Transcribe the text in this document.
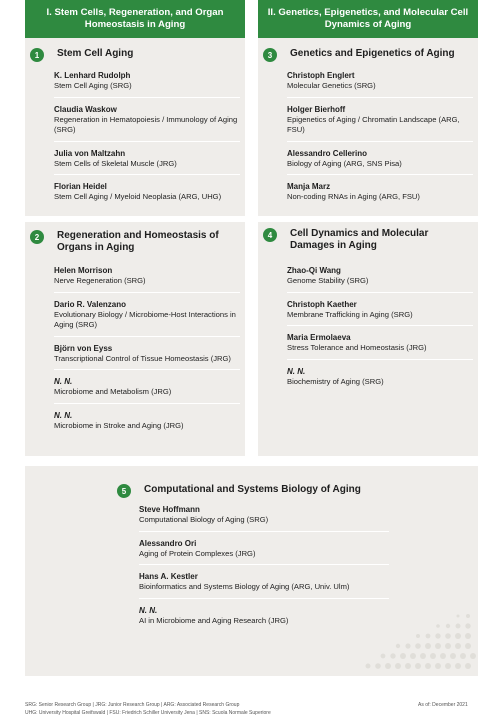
I. Stem Cells, Regeneration, and Organ Homeostasis in Aging
II. Genetics, Epigenetics, and Molecular Cell Dynamics of Aging
1	Stem Cell Aging
K. Lenhard Rudolph
Stem Cell Aging (SRG)
Claudia Waskow
Regeneration in Hematopoiesis / Immunology of Aging (SRG)
Julia von Maltzahn
Stem Cells of Skeletal Muscle (JRG)
Florian Heidel
Stem Cell Aging / Myeloid Neoplasia (ARG, UHG)
3	Genetics and Epigenetics of Aging
Christoph Englert
Molecular Genetics (SRG)
Holger Bierhoff
Epigenetics of Aging / Chromatin Landscape (ARG, FSU)
Alessandro Cellerino
Biology of Aging (ARG, SNS Pisa)
Manja Marz
Non-coding RNAs in Aging (ARG, FSU)
2	Regeneration and Homeostasis of Organs in Aging
Helen Morrison
Nerve Regeneration (SRG)
Dario R. Valenzano
Evolutionary Biology / Microbiome-Host Interactions in Aging (SRG)
Björn von Eyss
Transcriptional Control of Tissue Homeostasis (JRG)
N. N.
Microbiome and Metabolism (JRG)
N. N.
Microbiome in Stroke and Aging (JRG)
4	Cell Dynamics and Molecular Damages in Aging
Zhao-Qi Wang
Genome Stability (SRG)
Christoph Kaether
Membrane Trafficking in Aging (SRG)
Maria Ermolaeva
Stress Tolerance and Homeostasis (JRG)
N. N.
Biochemistry of Aging (SRG)
5	Computational and Systems Biology of Aging
Steve Hoffmann
Computational Biology of Aging (SRG)
Alessandro Ori
Aging of Protein Complexes (JRG)
Hans A. Kestler
Bioinformatics and Systems Biology of Aging (ARG, Univ. Ulm)
N. N.
AI in Microbiome and Aging Research (JRG)
SRG: Senior Research Group | JRG: Junior Research Group | ARG: Associated Research Group
UHG: University Hospital Greifswald | FSU: Friedrich Schiller University Jena | SNS: Scuola Normale Superiore
As of: December 2021
